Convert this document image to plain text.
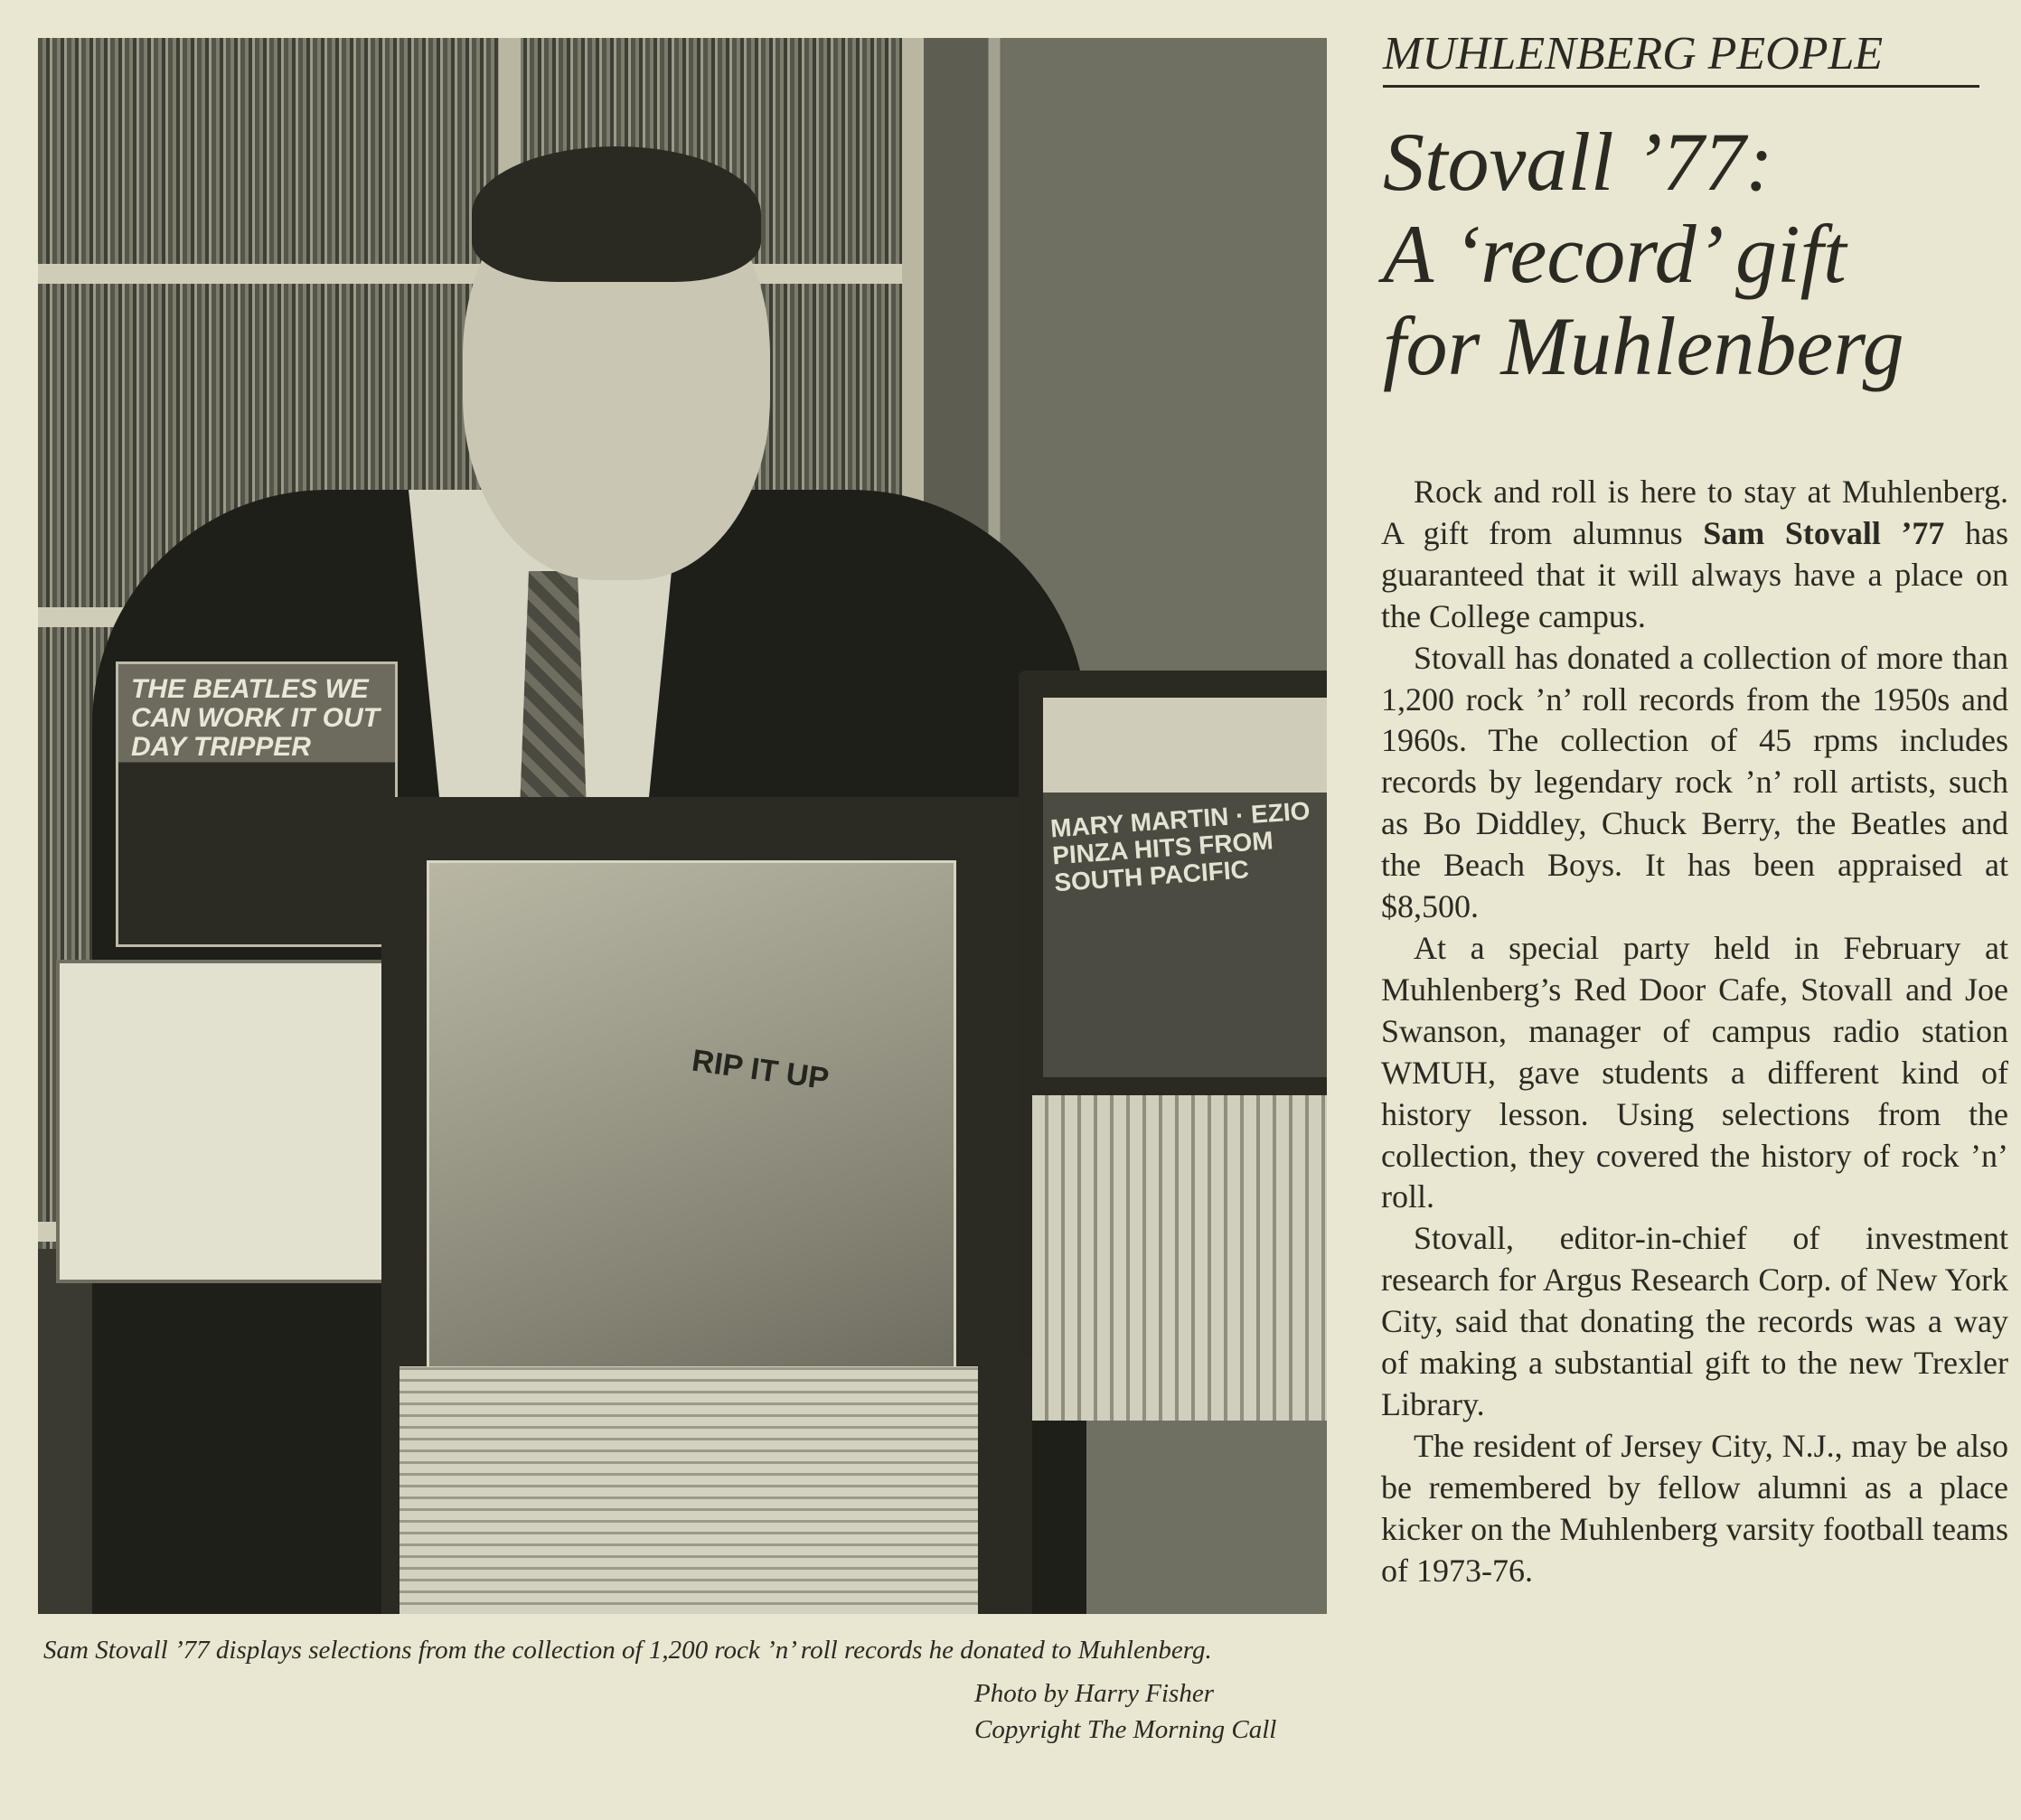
THE BEATLES WE CAN WORK IT OUT DAY TRIPPER
RIP IT UP
MARY MARTIN · EZIO PINZA HITS FROM SOUTH PACIFIC

Sam Stovall ’77 displays selections from the collection of 1,200 rock ’n’ roll records he donated to Muhlenberg.

Photo by Harry Fisher
Copyright The Morning Call

MUHLENBERG PEOPLE
Stovall ’77:
A ‘record’ gift
for Muhlenberg

Rock and roll is here to stay at Muhlenberg. A gift from alumnus Sam Stovall ’77 has guaranteed that it will always have a place on the College campus.

Stovall has donated a collection of more than 1,200 rock ’n’ roll records from the 1950s and 1960s. The collection of 45 rpms includes records by legendary rock ’n’ roll artists, such as Bo Diddley, Chuck Berry, the Beatles and the Beach Boys. It has been appraised at $8,500.

At a special party held in February at Muhlenberg’s Red Door Cafe, Stovall and Joe Swanson, manager of campus radio station WMUH, gave students a different kind of history lesson. Using selections from the collection, they covered the history of rock ’n’ roll.

Stovall, editor-in-chief of investment research for Argus Research Corp. of New York City, said that donating the records was a way of making a substantial gift to the new Trexler Library.

The resident of Jersey City, N.J., may be also be remembered by fellow alumni as a place kicker on the Muhlenberg varsity football teams of 1973-76.
